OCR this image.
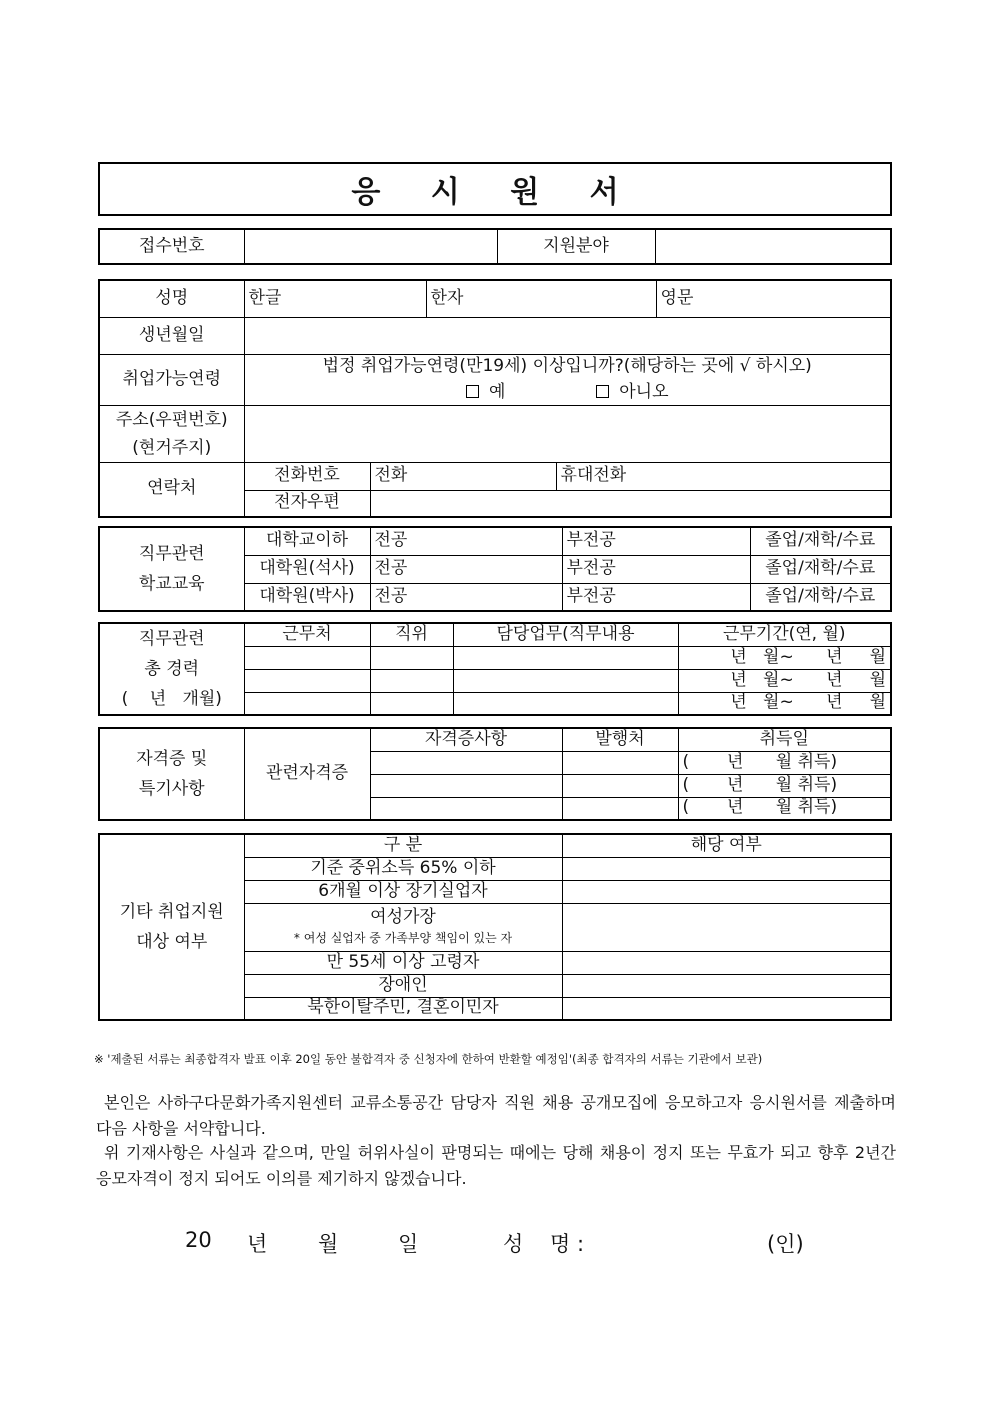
응 시 원 서
접수번호		지원분야	
성명	한글		한자		영문
생년월일					
취업가능연령	법정 취업가능연령(만19세) 이상입니까?(해당하는 곳에 √ 하시오)
예 아니오				

주소(우편번호)
(현거주지)					

연락처	전화번호	전화		휴대전화	
	전자우편				
직무관련
학교교육	대학교이하	전공	부전공	졸업/재학/수료
	대학원(석사)	전공	부전공	졸업/재학/수료
	대학원(박사)	전공	부전공	졸업/재학/수료
직무관련
총 경력
(    년   개월)	근무처	직위	담당업무(직무내용	근무기간(연, 월)
				년   월~      년     월
				년   월~      년     월
				년   월~      년     월
자격증 및
특기사항	관련자격증	자격증사항	발행처	취득일
				(       년      월 취득)
				(       년      월 취득)
				(       년      월 취득)
기타 취업지원
대상 여부	구 분	해당 여부
	기준 중위소득 65% 이하	
	6개월 이상 장기실업자	

	여성가장
* 여성 실업자 중 가족부양 책임이 있는 자	

	만 55세 이상 고령자	
	장애인	
	북한이탈주민, 결혼이민자	
※ '제출된 서류는 최종합격자 발표 이후 20일 동안 불합격자 중 신청자에 한하여 반환할 예정임'(최종 합격자의 서류는 기관에서 보관)
본인은 사하구다문화가족지원센터 교류소통공간 담당자 직원 채용 공개모집에 응모하고자 응시원서를 제출하며 다음 사항을 서약합니다.
위 기재사항은 사실과 같으며, 만일 허위사실이 판명되는 때에는 당해 채용이 정지 또는 무효가 되고 향후 2년간 응모자격이 정지 되어도 이의를 제기하지 않겠습니다.
20 년 월	일	성    명 :	(인)
